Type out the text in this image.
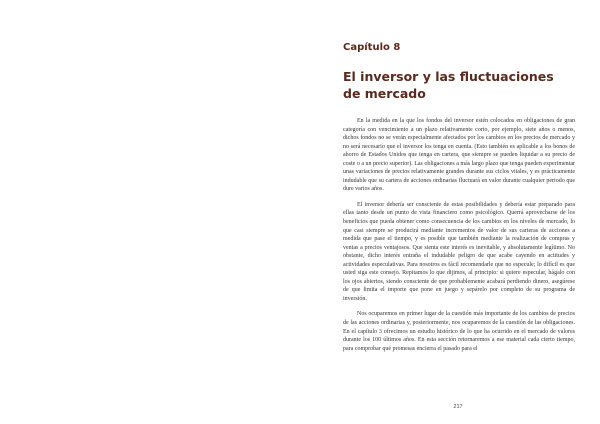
Capítulo 8
El inversor y las fluctuaciones de mercado

En la medida en la que los fondos del inversor estén colocados en obligaciones de gran categoría con vencimiento a un plazo relativamente corto, por ejemplo, siete años o menos, dichos fondos no se verán especialmente afectados por los cambios en los precios de mercado y no será necesario que el inversor los tenga en cuenta. (Esto también es aplicable a los bonos de ahorro de Estados Unidos que tenga en cartera, que siempre se pueden liquidar a su precio de coste o a un precio superior). Las obligaciones a más largo plazo que tenga pueden experimentar unas variaciones de precios relativamente grandes durante sus ciclos vitales, y es prácticamente indudable que su cartera de acciones ordinarias fluctuará en valor durante cualquier periodo que dure varios años.

El inversor debería ser consciente de estas posibilidades y debería estar preparado para ellas tanto desde un punto de vista financiero como psicológico. Querrá aprovecharse de los beneficios que pueda obtener como consecuencia de los cambios en los niveles de mercado, lo que casi siempre se producirá mediante incrementos de valor de sus carteras de acciones a medida que pase el tiempo, y es posible que también mediante la realización de compras y ventas a precios ventajosos. Que sienta este interés es inevitable, y absolutamente legítimo. No obstante, dicho interés entraña el indudable peligro de que acabe cayendo en actitudes y actividades especulativas. Para nosotros es fácil recomendarle que no especule; lo difícil es que usted siga este consejo. Repitamos lo que dijimos, al principio: si quiere especular, hágalo con los ojos abiertos, siendo consciente de que probablemente acabará perdiendo dinero, asegúrese de que limita el importe que pone en juego y sepárelo por completo de su programa de inversión.

Nos ocuparemos en primer lugar de la cuestión más importante de los cambios de precios de las acciones ordinarias y, posteriormente, nos ocuparemos de la cuestión de las obligaciones. En el capítulo 3 ofrecimos un estudio histórico de lo que ha ocurrido en el mercado de valores durante los 100 últimos años. En esta sección retornaremos a ese material cada cierto tiempo, para comprobar qué promesas encierra el pasado para el

217
